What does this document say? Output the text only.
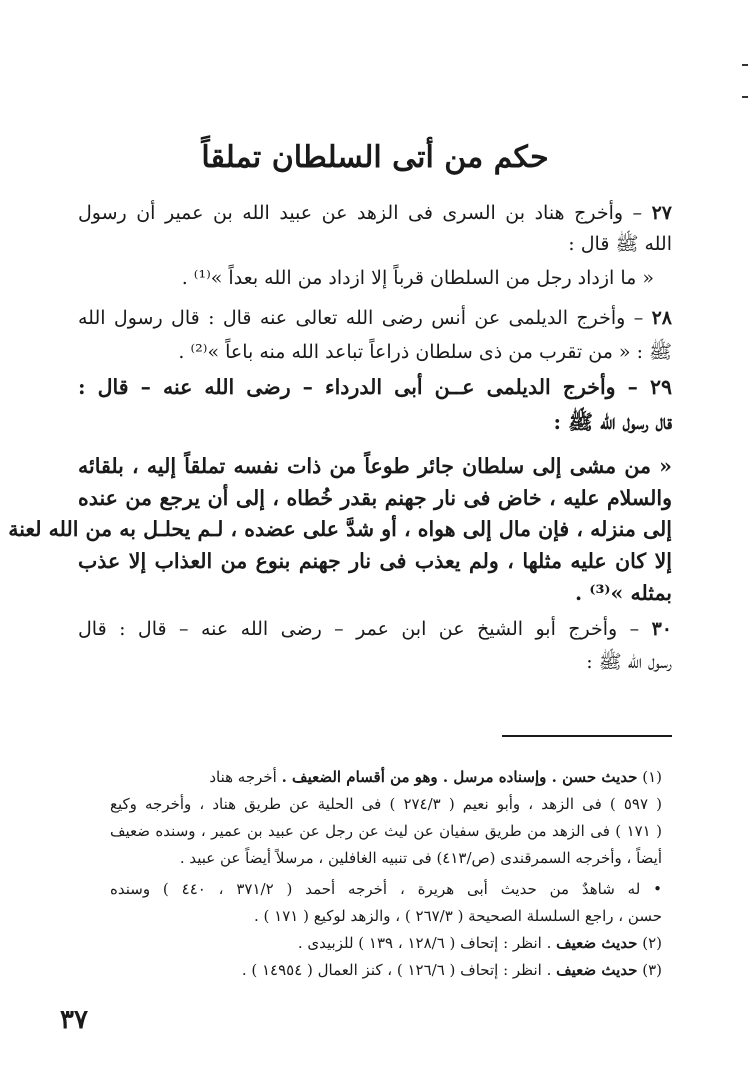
حكم من أتى السلطان تملقاً
٢٧ – وأخرج هناد بن السرى فى الزهد عن عبيد الله بن عمير أن رسول
الله ﷺ قال :
« ما ازداد رجل من السلطان قرباً إلا ازداد من الله بعداً »⁽¹⁾ .
٢٨ – وأخرج الديلمى عن أنس رضى الله تعالى عنه قال : قال رسول الله
ﷺ : « من تقرب من ذى سلطان ذراعاً تباعد الله منه باعاً »⁽²⁾ .
٢٩ – وأخرج الديلمى عــن أبى الدرداء – رضى الله عنه – قال :
قال رسول الله ﷺ :
« من مشى إلى سلطان جائر طوعاً من ذات نفسه تملقاً إليه ، بلقائه
والسلام عليه ، خاض فى نار جهنم بقدر خُطاه ، إلى أن يرجع من عنده
إلى منزله ، فإن مال إلى هواه ، أو شدَّ على عضده ، لـم يحلـل به من الله لعنة
إلا كان عليه مثلها ، ولم يعذب فى نار جهنم بنوع من العذاب إلا عذب
بمثله »⁽³⁾ .
٣٠ – وأخرج أبو الشيخ عن ابن عمر – رضى الله عنه – قال : قال
رسول الله ﷺ :
(١) حديث حسن . وإسناده مرسل . وهو من أقسام الضعيف . أخرجه هناد
( ٥٩٧ ) فى الزهد ، وأبو نعيم ( ٢٧٤/٣ ) فى الحلية عن طريق هناد ، وأخرجه وكيع
( ١٧١ ) فى الزهد من طريق سفيان عن ليث عن رجل عن عبيد بن عمير ، وسنده ضعيف
أيضاً ، وأخرجه السمرقندى (ص/٤١٣) فى تنبيه الغافلين ، مرسلاً أيضاً عن عبيد .
• له شاهدٌ من حديث أبى هريرة ، أخرجه أحمد ( ٣٧١/٢ ، ٤٤٠ ) وسنده
حسن ، راجع السلسلة الصحيحة ( ٢٦٧/٣ ) ، والزهد لوكيع ( ١٧١ ) .
(٢) حديث ضعيف . انظر : إتحاف ( ١٢٨/٦ ، ١٣٩ ) للزبيدى .
(٣) حديث ضعيف . انظر : إتحاف ( ١٢٦/٦ ) ، كنز العمال ( ١٤٩٥٤ ) .
٣٧
